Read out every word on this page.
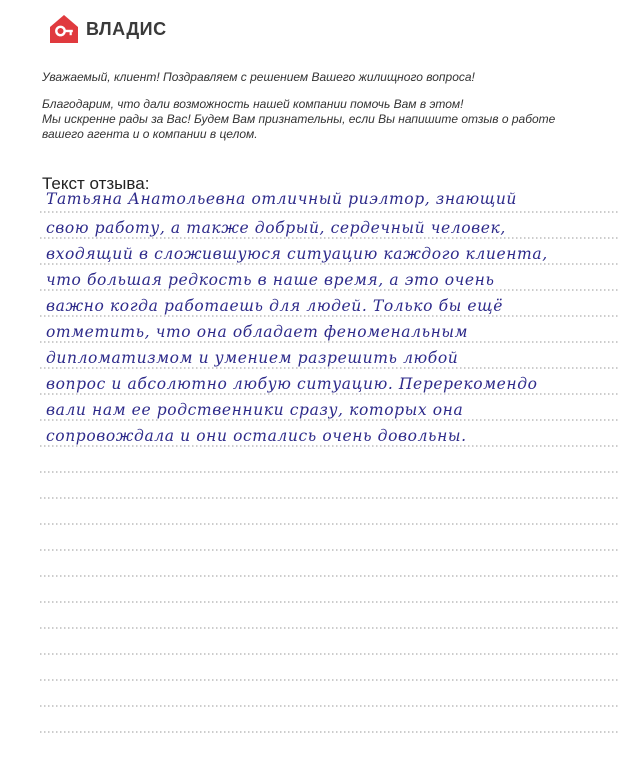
ВЛАДИС
Уважаемый, клиент! Поздравляем с решением Вашего жилищного вопроса!
Благодарим, что дали возможность нашей компании помочь Вам в этом!
Мы искренне рады за Вас! Будем Вам признательны, если Вы напишите отзыв о работе
вашего агента и о компании в целом.
Текст отзыва:
Татьяна Анатольевна отличный риэлтор, знающий
свою работу, а также добрый, сердечный человек,
входящий в сложившуюся ситуацию каждого клиента,
что большая редкость в наше время, а это очень
важно когда работаешь для людей. Только бы ещё
отметить, что она обладает феноменальным
дипломатизмом и умением разрешить любой
вопрос и абсолютно любую ситуацию. Перерекомендо
вали нам ее родственники сразу, которых она
сопровождала и они остались очень довольны.
